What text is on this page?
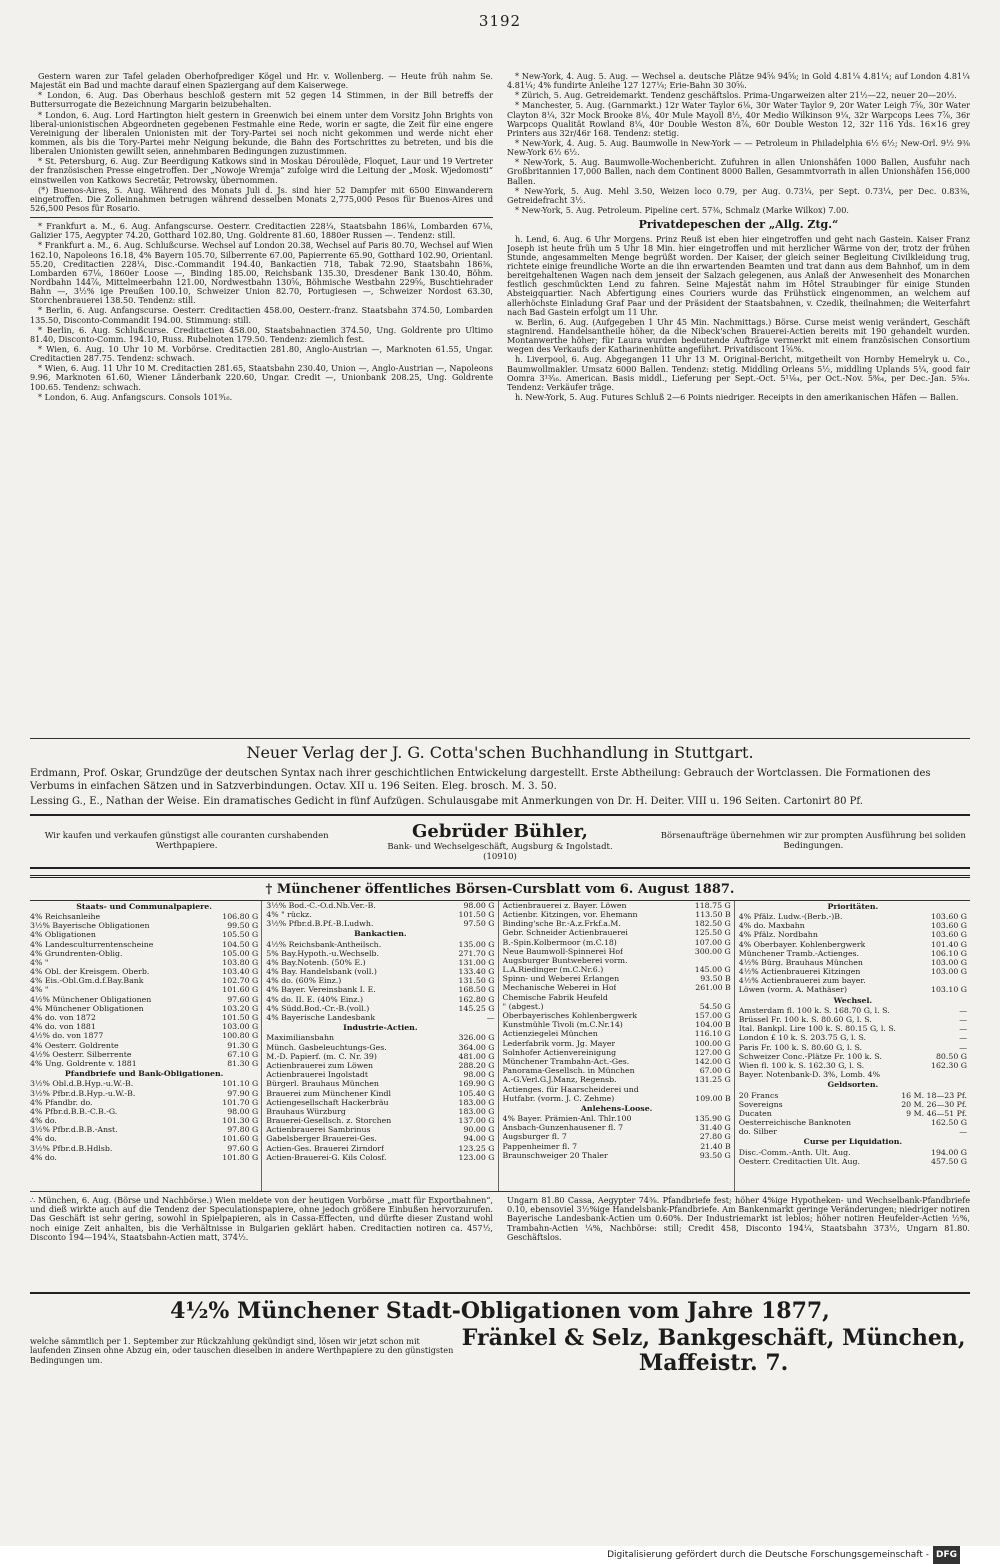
3192

Gestern waren zur Tafel geladen Oberhofprediger Kögel und Hr. v. Wollenberg. — Heute früh nahm Se. Majestät ein Bad und machte darauf einen Spaziergang auf dem Kaiserwege.

* London, 6. Aug. Das Oberhaus beschloß gestern mit 52 gegen 14 Stimmen, in der Bill betreffs der Buttersurrogate die Bezeichnung Margarin beizubehalten.

* London, 6. Aug. Lord Hartington hielt gestern in Greenwich bei einem unter dem Vorsitz John Brights von liberal-unionistischen Abgeordneten gegebenen Festmahle eine Rede, worin er sagte, die Zeit für eine engere Vereinigung der liberalen Unionisten mit der Tory-Partei sei noch nicht gekommen und werde nicht eher kommen, als bis die Tory-Partei mehr Neigung bekunde, die Bahn des Fortschrittes zu betreten, und bis die liberalen Unionisten gewillt seien, annehmbaren Bedingungen zuzustimmen.

* St. Petersburg, 6. Aug. Zur Beerdigung Katkows sind in Moskau Déroulède, Floquet, Laur und 19 Vertreter der französischen Presse eingetroffen. Der „Nowoje Wremja“ zufolge wird die Leitung der „Mosk. Wjedomosti“ einstweilen von Katkows Secretär, Petrowsky, übernommen.

(*) Buenos-Aires, 5. Aug. Während des Monats Juli d. Js. sind hier 52 Dampfer mit 6500 Einwanderern eingetroffen. Die Zolleinnahmen betrugen während desselben Monats 2,775,000 Pesos für Buenos-Aires und 526,500 Pesos für Rosario.

* Frankfurt a. M., 6. Aug. Anfangscurse. Oesterr. Creditactien 228¼, Staatsbahn 186⅛, Lombarden 67⅛, Galizier 175, Aegypter 74.20, Gotthard 102.80, Ung. Goldrente 81.60, 1880er Russen —. Tendenz: still.

* Frankfurt a. M., 6. Aug. Schlußcurse. Wechsel auf London 20.38, Wechsel auf Paris 80.70, Wechsel auf Wien 162.10, Napoleons 16.18, 4% Bayern 105.70, Silberrente 67.00, Papierrente 65.90, Gotthard 102.90, Orientanl. 55.20, Creditactien 228¼, Disc.-Commandit 194.40, Bankactien 718, Tabak 72.90, Staatsbahn 186⅜, Lombarden 67⅛, 1860er Loose —, Binding 185.00, Reichsbank 135.30, Dresdener Bank 130.40, Böhm. Nordbahn 144⅞, Mittelmeerbahn 121.00, Nordwestbahn 130⅝, Böhmische Westbahn 229⅝, Buschtiehrader Bahn —, 3½% ige Preußen 100.10, Schweizer Union 82.70, Portugiesen —, Schweizer Nordost 63.30, Storchenbrauerei 138.50. Tendenz: still.

* Berlin, 6. Aug. Anfangscurse. Oesterr. Creditactien 458.00, Oesterr.-franz. Staatsbahn 374.50, Lombarden 135.50, Disconto-Commandit 194.00. Stimmung: still.

* Berlin, 6. Aug. Schlußcurse. Creditactien 458.00, Staatsbahnactien 374.50, Ung. Goldrente pro Ultimo 81.40, Disconto-Comm. 194.10, Russ. Rubelnoten 179.50. Tendenz: ziemlich fest.

* Wien, 6. Aug. 10 Uhr 10 M. Vorbörse. Creditactien 281.80, Anglo-Austrian —, Marknoten 61.55, Ungar. Creditactien 287.75. Tendenz: schwach.

* Wien, 6. Aug. 11 Uhr 10 M. Creditactien 281.65, Staatsbahn 230.40, Union —, Anglo-Austrian —, Napoleons 9.96, Marknoten 61.60, Wiener Länderbank 220.60, Ungar. Credit —, Unionbank 208.25, Ung. Goldrente 100.65. Tendenz: schwach.

* London, 6. Aug. Anfangscurs. Consols 101⁹⁄₁₆.

* New-York, 4. Aug. 5. Aug. — Wechsel a. deutsche Plätze 94⅝ 94⅝; in Gold 4.81¼ 4.81¼; auf London 4.81¼ 4.81¼; 4% fundirte Anleihe 127 127¼; Erie-Bahn 30 30⅝.

* Zürich, 5. Aug. Getreidemarkt. Tendenz geschäftslos. Prima-Ungarweizen alter 21½—22, neuer 20—20½.

* Manchester, 5. Aug. (Garnmarkt.) 12r Water Taylor 6⅛, 30r Water Taylor 9, 20r Water Leigh 7⅝, 30r Water Clayton 8¼, 32r Mock Brooke 8⅛, 40r Mule Mayoll 8½, 40r Medio Wilkinson 9¼, 32r Warpcops Lees 7⅞, 36r Warpcops Qualität Rowland 8¼, 40r Double Weston 8⅞, 60r Double Weston 12, 32r 116 Yds. 16×16 grey Printers aus 32r/46r 168. Tendenz: stetig.

* New-York, 4. Aug. 5. Aug. Baumwolle in New-York — — Petroleum in Philadelphia 6½ 6½; New-Orl. 9½ 9⅜ New-York 6½ 6½.

* New-York, 5. Aug. Baumwolle-Wochenbericht. Zufuhren in allen Unionshäfen 1000 Ballen, Ausfuhr nach Großbritannien 17,000 Ballen, nach dem Continent 8000 Ballen, Gesammtvorrath in allen Unionshäfen 156,000 Ballen.

* New-York, 5. Aug. Mehl 3.50, Weizen loco 0.79, per Aug. 0.73¼, per Sept. 0.73¼, per Dec. 0.83⅜, Getreidefracht 3½.

* New-York, 5. Aug. Petroleum. Pipeline cert. 57⅜, Schmalz (Marke Wilkox) 7.00.

Privatdepeschen der „Allg. Ztg.“

h. Lend, 6. Aug. 6 Uhr Morgens. Prinz Reuß ist eben hier eingetroffen und geht nach Gastein. Kaiser Franz Joseph ist heute früh um 5 Uhr 18 Min. hier eingetroffen und mit herzlicher Wärme von der, trotz der frühen Stunde, angesammelten Menge begrüßt worden. Der Kaiser, der gleich seiner Begleitung Civilkleidung trug, richtete einige freundliche Worte an die ihn erwartenden Beamten und trat dann aus dem Bahnhof, um in dem bereitgehaltenen Wagen nach dem jenseit der Salzach gelegenen, aus Anlaß der Anwesenheit des Monarchen festlich geschmückten Lend zu fahren. Seine Majestät nahm im Hôtel Straubinger für einige Stunden Absteigquartier. Nach Abfertigung eines Couriers wurde das Frühstück eingenommen, an welchem auf allerhöchste Einladung Graf Paar und der Präsident der Staatsbahnen, v. Czedik, theilnahmen; die Weiterfahrt nach Bad Gastein erfolgt um 11 Uhr.

w. Berlin, 6. Aug. (Aufgegeben 1 Uhr 45 Min. Nachmittags.) Börse. Curse meist wenig verändert, Geschäft stagnirend. Handelsantheile höher, da die Nibeck'schen Brauerei-Actien bereits mit 190 gehandelt wurden. Montanwerthe höher; für Laura wurden bedeutende Aufträge vermerkt mit einem französischen Consortium wegen des Verkaufs der Katharinenhütte angeführt. Privatdiscont 1⅝%.

h. Liverpool, 6. Aug. Abgegangen 11 Uhr 13 M. Original-Bericht, mitgetheilt von Hornby Hemelryk u. Co., Baumwollmakler. Umsatz 6000 Ballen. Tendenz: stetig. Middling Orleans 5½, middling Uplands 5¼, good fair Oomra 3¹³⁄₁₆. American. Basis middl., Lieferung per Sept.-Oct. 5¹¹⁄₆₄, per Oct.-Nov. 5⁸⁄₆₄, per Dec.-Jan. 5⁵⁄₆₄. Tendenz: Verkäufer träge.

h. New-York, 5. Aug. Futures Schluß 2—6 Points niedriger. Receipts in den amerikanischen Häfen — Ballen.

Neuer Verlag der J. G. Cotta'schen Buchhandlung in Stuttgart.

Erdmann, Prof. Oskar, Grundzüge der deutschen Syntax nach ihrer geschichtlichen Entwickelung dargestellt. Erste Abtheilung: Gebrauch der Wortclassen. Die Formationen des Verbums in einfachen Sätzen und in Satzverbindungen. Octav. XII u. 196 Seiten. Eleg. brosch. M. 3. 50.

Lessing G., E., Nathan der Weise. Ein dramatisches Gedicht in fünf Aufzügen. Schulausgabe mit Anmerkungen von Dr. H. Deiter. VIII u. 196 Seiten. Cartonirt 80 Pf.

Wir kaufen und verkaufen günstigst alle couranten curshabenden Werthpapiere.
Gebrüder Bühler,
Bank- und Wechselgeschäft, Augsburg & Ingolstadt.
(10910)
Börsenaufträge übernehmen wir zur prompten Ausführung bei soliden Bedingungen.
† Münchener öffentliches Börsen-Cursblatt vom 6. August 1887.
Staats- und Communalpapiere.
4% Reichsanleihe	106.80 G
3½% Bayerische Obligationen	99.50 G
4% Obligationen	105.50 G
4% Landesculturrentenscheine	104.50 G
4% Grundrenten-Oblig.	105.00 G
4% "	103.80 G
4% Obl. der Kreisgem. Oberb.	103.40 G
4% Eis.-Obl.Gm.d.f.Bay.Bank	102.70 G
4% "	101.60 G
4½% Münchener Obligationen	97.60 G
4% Münchener Obligationen	103.20 G
4% do. von 1872	101.50 G
4% do. von 1881	103.00 G
4½% do. von 1877	100.80 G
4% Oesterr. Goldrente	91.30 G
4½% Oesterr. Silberrente	67.10 G
4% Ung. Goldrente v. 1881	81.30 G
Pfandbriefe und Bank-Obligationen.
3½% Obl.d.B.Hyp.-u.W.-B.	101.10 G
3½% Pfbr.d.B.Hyp.-u.W.-B.	97.90 G
4% Pfandbr. do.	101.70 G
4% Pfbr.d.B.B.-C.B.-G.	98.00 G
4% do.	101.30 G
3½% Pfbr.d.B.B.-Anst.	97.80 G
4% do.	101.60 G
3½% Pfbr.d.B.Hdlsb.	97.60 G
4% do.	101.80 G
3½% Bod.-C.-O.d.Nb.Ver.-B.	98.00 G
4% " rückz.	101.50 G
3½% Pfbr.d.B.Pf.-B.Ludwh.	97.50 G
Bankactien.
4½% Reichsbank-Antheilsch.	135.00 G
5% Bay.Hypoth.-u.Wechselb.	271.70 G
4% Bay.Notenb. (50% E.)	131.00 G
4% Bay. Handelsbank (voll.)	133.40 G
4% do. (60% Einz.)	131.50 G
4% Bayer. Vereinsbank I. E.	168.50 G
4% do. II. E. (40% Einz.)	162.80 G
4% Südd.Bod.-Cr.-B.(voll.)	145.25 G
4% Bayerische Landesbank	—
Industrie-Actien.
Maximiliansbahn	326.00 G
Münch. Gasbeleuchtungs-Ges.	364.00 G
M.-D. Papierf. (m. C. Nr. 39)	481.00 G
Actienbrauerei zum Löwen	288.20 G
Actienbrauerei Ingolstadt	98.00 G
Bürgerl. Brauhaus München	169.90 G
Brauerei zum Münchener Kindl	105.40 G
Actiengesellschaft Hackerbräu	183.00 G
Brauhaus Würzburg	183.00 G
Brauerei-Gesellsch. z. Storchen	137.00 G
Actienbrauerei Sambrinus	90.00 G
Gabelsberger Brauerei-Ges.	94.00 G
Actien-Ges. Brauerei Zirndorf	123.25 G
Actien-Brauerei-G. Kils Colosf.	123.00 G
Actienbrauerei z. Bayer. Löwen	118.75 G
Actienbr. Kitzingen, vor. Ehemann	113.50 B
Binding'sche Br.-A.z.Frkf.a.M.	182.50 G
Gebr. Schneider Actienbrauerei	125.50 G
B.-Spin.Kolbermoor (m.C.18)	107.00 G
Neue Baumwoll-Spinnerei Hof	300.00 G
Augsburger Buntweberei vorm.
L.A.Riedinger (m.C.Nr.6.)	145.00 G
Spinn- und Weberei Erlangen	93.50 B
Mechanische Weberei in Hof	261.00 B
Chemische Fabrik Heufeld
" (abgest.)	54.50 G
Oberbayerisches Kohlenbergwerk	157.00 G
Kunstmühle Tivoli (m.C.Nr.14)	104.00 B
Actienziegelei München	116.10 G
Lederfabrik vorm. Jg. Mayer	100.00 G
Solnhofer Actienvereinigung	127.00 G
Münchener Trambahn-Act.-Ges.	142.00 G
Panorama-Gesellsch. in München	67.00 G
A.-G.Verl.G.J.Manz, Regensb.	131.25 G
Actienges. für Haarscheiderei und
Hutfabr. (vorm. J. C. Zehme)	109.00 B
Anlehens-Loose.
4% Bayer. Prämien-Anl. Thlr.100	135.90 G
Ansbach-Gunzenhausener fl. 7	31.40 G
Augsburger fl. 7	27.80 G
Pappenheimer fl. 7	21.40 B
Braunschweiger 20 Thaler	93.50 G
Prioritäten.
4% Pfälz. Ludw.-(Berb.-)B.	103.60 G
4% do. Maxbahn	103.60 G
4% Pfälz. Nordbahn	103.60 G
4% Oberbayer. Kohlenbergwerk	101.40 G
Münchener Tramb.-Actienges.	106.10 G
4½% Bürg. Brauhaus München	103.00 G
4½% Actienbrauerei Kitzingen	103.00 G
4½% Actienbrauerei zum bayer.
Löwen (vorm. A. Mathäser)	103.10 G
Wechsel.
Amsterdam fl. 100 k. S. 168.70 G, l. S.	—
Brüssel Fr. 100 k. S. 80.60 G, l. S.	—
Ital. Bankpl. Lire 100 k. S. 80.15 G, l. S.	—
London £ 10 k. S. 203.75 G, l. S.	—
Paris Fr. 100 k. S. 80.60 G, l. S.	—
Schweizer Conc.-Plätze Fr. 100 k. S.	80.50 G
Wien fl. 100 k. S. 162.30 G, l. S.	162.30 G
Bayer. Notenbank-D. 3%, Lomb. 4%
Geldsorten.
20 Francs	16 M. 18—23 Pf.
Sovereigns	20 M. 26—30 Pf.
Ducaten	9 M. 46—51 Pf.
Oesterreichische Banknoten	162.50 G
do. Silber	—
Curse per Liquidation.
Disc.-Comm.-Anth. Ult. Aug.	194.00 G
Oesterr. Creditactien Ult. Aug.	457.50 G
∴ München, 6. Aug. (Börse und Nachbörse.) Wien meldete von der heutigen Vorbörse „matt für Exportbahnen“, und dieß wirkte auch auf die Tendenz der Speculationspapiere, ohne jedoch größere Einbußen hervorzurufen. Das Geschäft ist sehr gering, sowohl in Spielpapieren, als in Cassa-Effecten, und dürfte dieser Zustand wohl noch einige Zeit anhalten, bis die Verhältnisse in Bulgarien geklärt haben. Creditactien notiren ca. 457½, Disconto 194—194¼, Staatsbahn-Actien matt, 374½.
Ungarn 81.80 Cassa, Aegypter 74⅜. Pfandbriefe fest; höher 4%ige Hypotheken- und Wechselbank-Pfandbriefe 0.10, ebensoviel 3½%ige Handelsbank-Pfandbriefe. Am Bankenmarkt geringe Veränderungen; niedriger notiren Bayerische Landesbank-Actien um 0.60%. Der Industriemarkt ist leblos; höher notiren Heufelder-Actien ½%, Trambahn-Actien ¼%, Nachbörse: still; Credit 458, Disconto 194¼, Staatsbahn 373½, Ungarn 81.80. Geschäftslos.
4½% Münchener Stadt-Obligationen vom Jahre 1877,
welche sämmtlich per 1. September zur Rückzahlung gekündigt sind, lösen wir jetzt schon mit laufenden Zinsen ohne Abzug ein, oder tauschen dieselben in andere Werthpapiere zu den günstigsten Bedingungen um.
Fränkel & Selz, Bankgeschäft, München, Maffeistr. 7.
Digitalisierung gefördert durch die Deutsche Forschungsgemeinschaft - DFG
